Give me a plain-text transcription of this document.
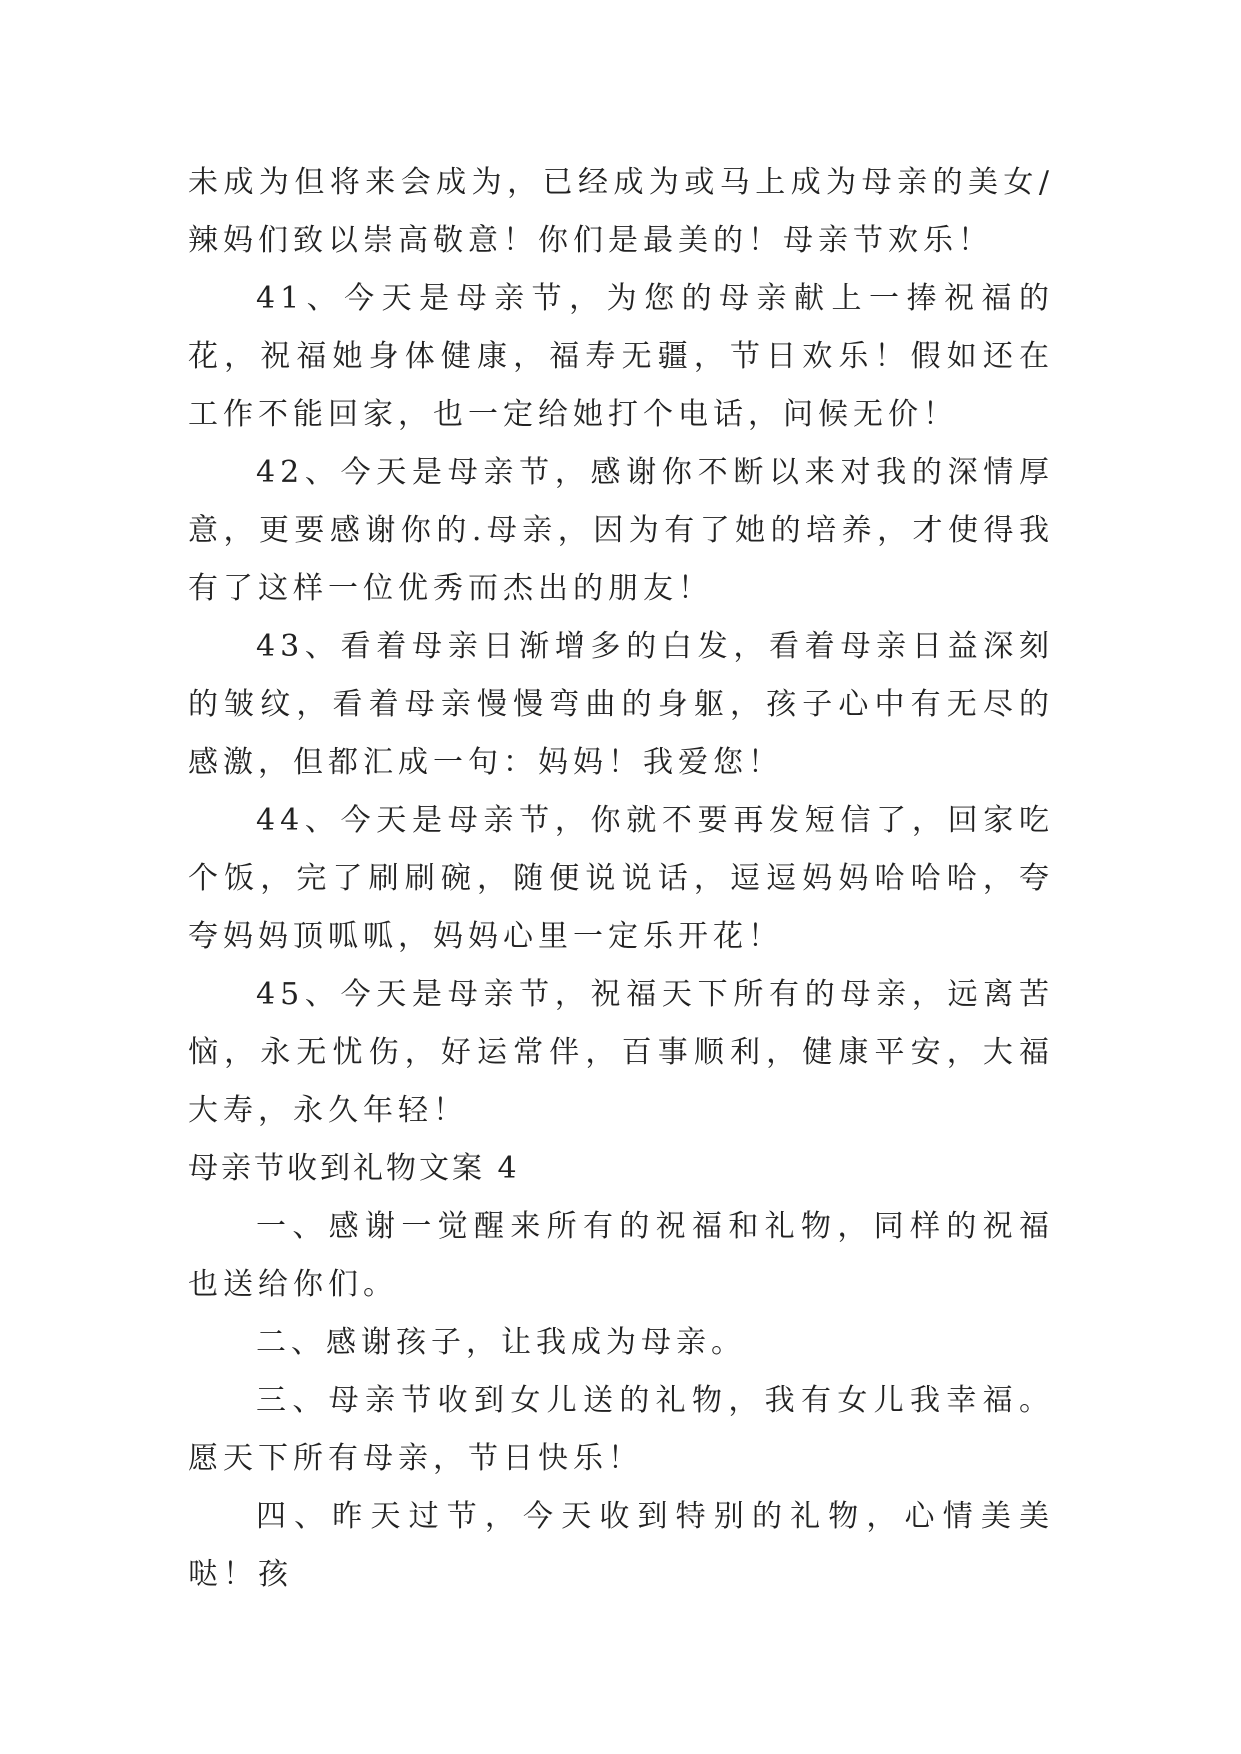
未成为但将来会成为，已经成为或马上成为母亲的美女/辣妈们致以崇高敬意！你们是最美的！母亲节欢乐！

41、今天是母亲节，为您的母亲献上一捧祝福的花，祝福她身体健康，福寿无疆，节日欢乐！假如还在工作不能回家，也一定给她打个电话，问候无价！

42、今天是母亲节，感谢你不断以来对我的深情厚意，更要感谢你的.母亲，因为有了她的培养，才使得我有了这样一位优秀而杰出的朋友！

43、看着母亲日渐增多的白发，看着母亲日益深刻的皱纹，看着母亲慢慢弯曲的身躯，孩子心中有无尽的感激，但都汇成一句：妈妈！我爱您！

44、今天是母亲节，你就不要再发短信了，回家吃个饭，完了刷刷碗，随便说说话，逗逗妈妈哈哈哈，夸夸妈妈顶呱呱，妈妈心里一定乐开花！

45、今天是母亲节，祝福天下所有的母亲，远离苦恼，永无忧伤，好运常伴，百事顺利，健康平安，大福大寿，永久年轻！

母亲节收到礼物文案 4

一、感谢一觉醒来所有的祝福和礼物，同样的祝福也送给你们。

二、感谢孩子，让我成为母亲。

三、母亲节收到女儿送的礼物，我有女儿我幸福。愿天下所有母亲，节日快乐！

四、昨天过节，今天收到特别的礼物，心情美美哒！孩
